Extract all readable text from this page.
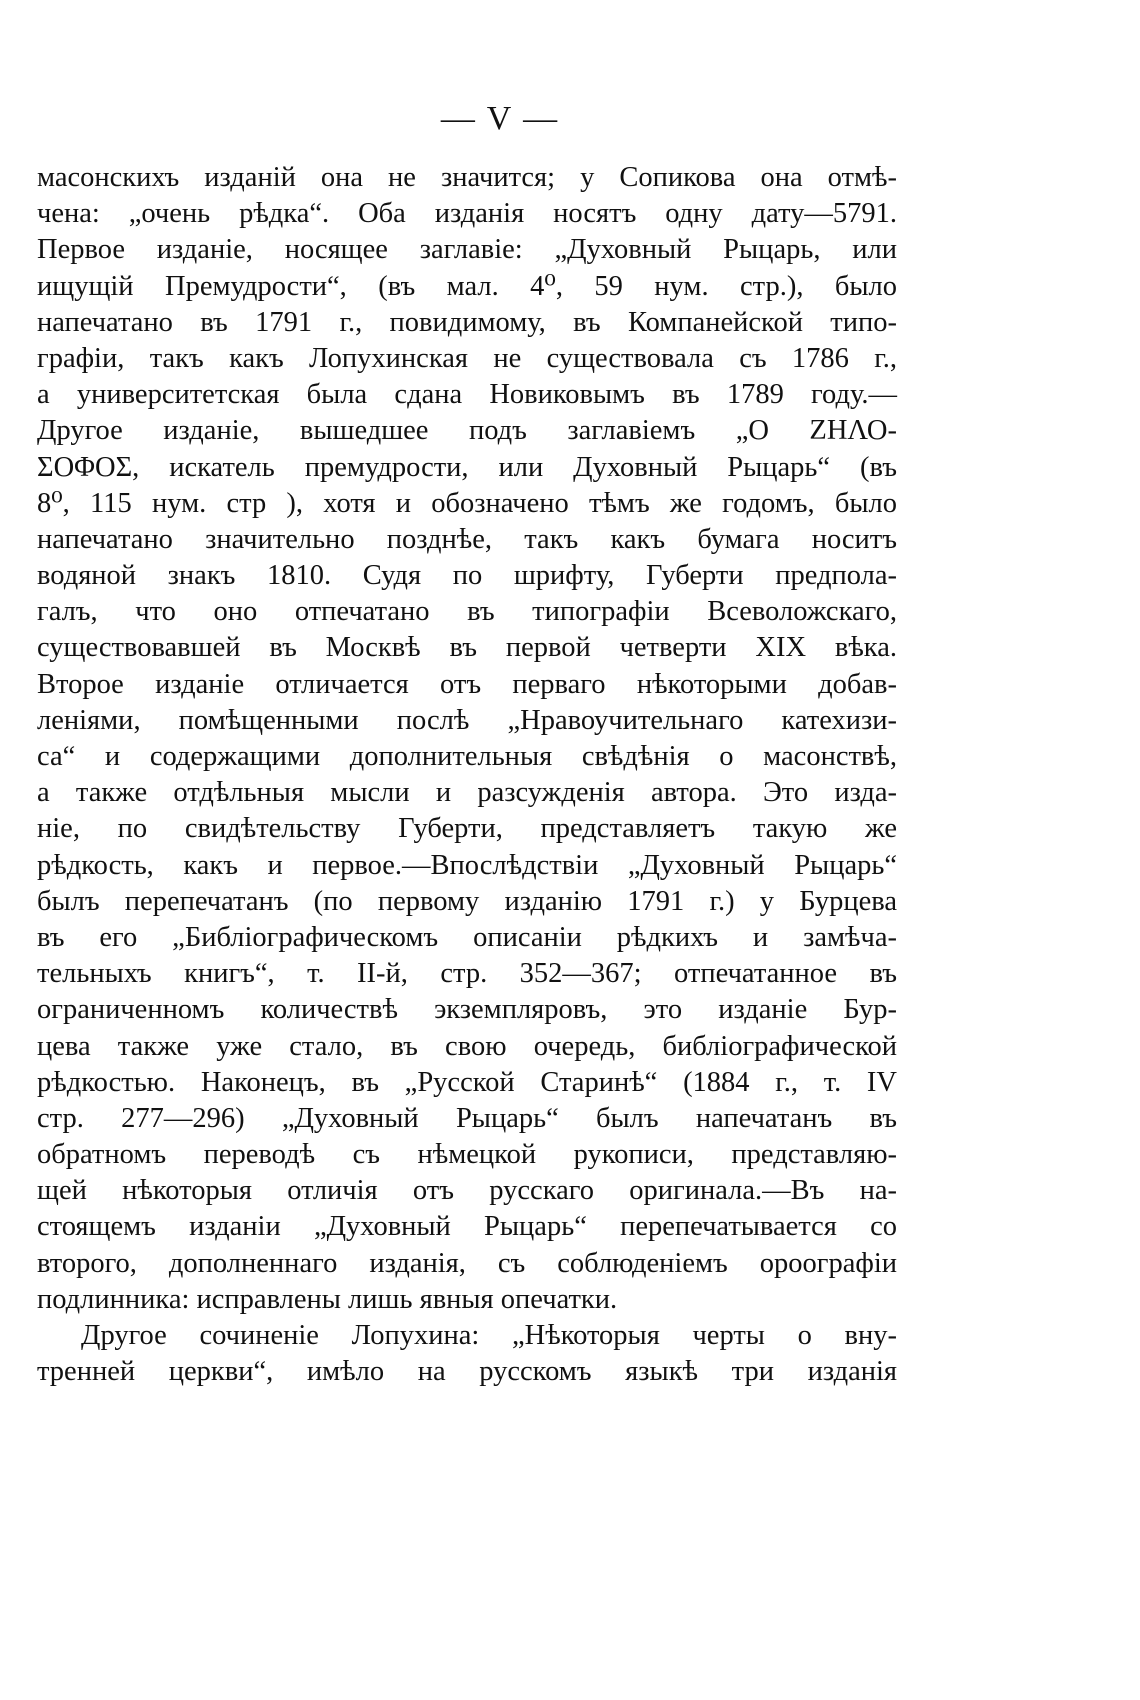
— V —
масонскихъ изданій она не значится; у Сопикова она отмѣ-
чена: „очень рѣдка“. Оба изданія носятъ одну дату—5791.
Первое изданіе, носящее заглавіе: „Духовный Рыцарь, или
ищущій Премудрости“, (въ мал. 4⁰, 59 нум. стр.), было
напечатано въ 1791 г., повидимому, въ Компанейской типо-
графіи, такъ какъ Лопухинская не существовала съ 1786 г.,
а университетская была сдана Новиковымъ въ 1789 году.—
Другое изданіе, вышедшее подъ заглавіемъ „Ο ΖΗΛΟ-
ΣΟΦΟΣ, искатель премудрости, или Духовный Рыцарь“ (въ
8⁰, 115 нум. стр ), хотя и обозначено тѣмъ же годомъ, было
напечатано значительно позднѣе, такъ какъ бумага носитъ
водяной знакъ 1810. Судя по шрифту, Губерти предпола-
галъ, что оно отпечатано въ типографіи Всеволожскаго,
существовавшей въ Москвѣ въ первой четверти XIX вѣка.
Второе изданіе отличается отъ перваго нѣкоторыми добав-
леніями, помѣщенными послѣ „Нравоучительнаго катехизи-
са“ и содержащими дополнительныя свѣдѣнія о масонствѣ,
а также отдѣльныя мысли и разсужденія автора. Это изда-
ніе, по свидѣтельству Губерти, представляетъ такую же
рѣдкость, какъ и первое.—Впослѣдствіи „Духовный Рыцарь“
былъ перепечатанъ (по первому изданію 1791 г.) у Бурцева
въ его „Библіографическомъ описаніи рѣдкихъ и замѣча-
тельныхъ книгъ“, т. ІІ-й, стр. 352—367; отпечатанное въ
ограниченномъ количествѣ экземпляровъ, это изданіе Бур-
цева также уже стало, въ свою очередь, библіографической
рѣдкостью. Наконецъ, въ „Русской Старинѣ“ (1884 г., т. IV
стр. 277—296) „Духовный Рыцарь“ былъ напечатанъ въ
обратномъ переводѣ съ нѣмецкой рукописи, представляю-
щей нѣкоторыя отличія отъ русскаго оригинала.—Въ на-
стоящемъ изданіи „Духовный Рыцарь“ перепечатывается со
второго, дополненнаго изданія, съ соблюденіемъ ороографіи
подлинника: исправлены лишь явныя опечатки.
Другое сочиненіе Лопухина: „Нѣкоторыя черты о вну-
тренней церкви“, имѣло на русскомъ языкѣ три изданія
